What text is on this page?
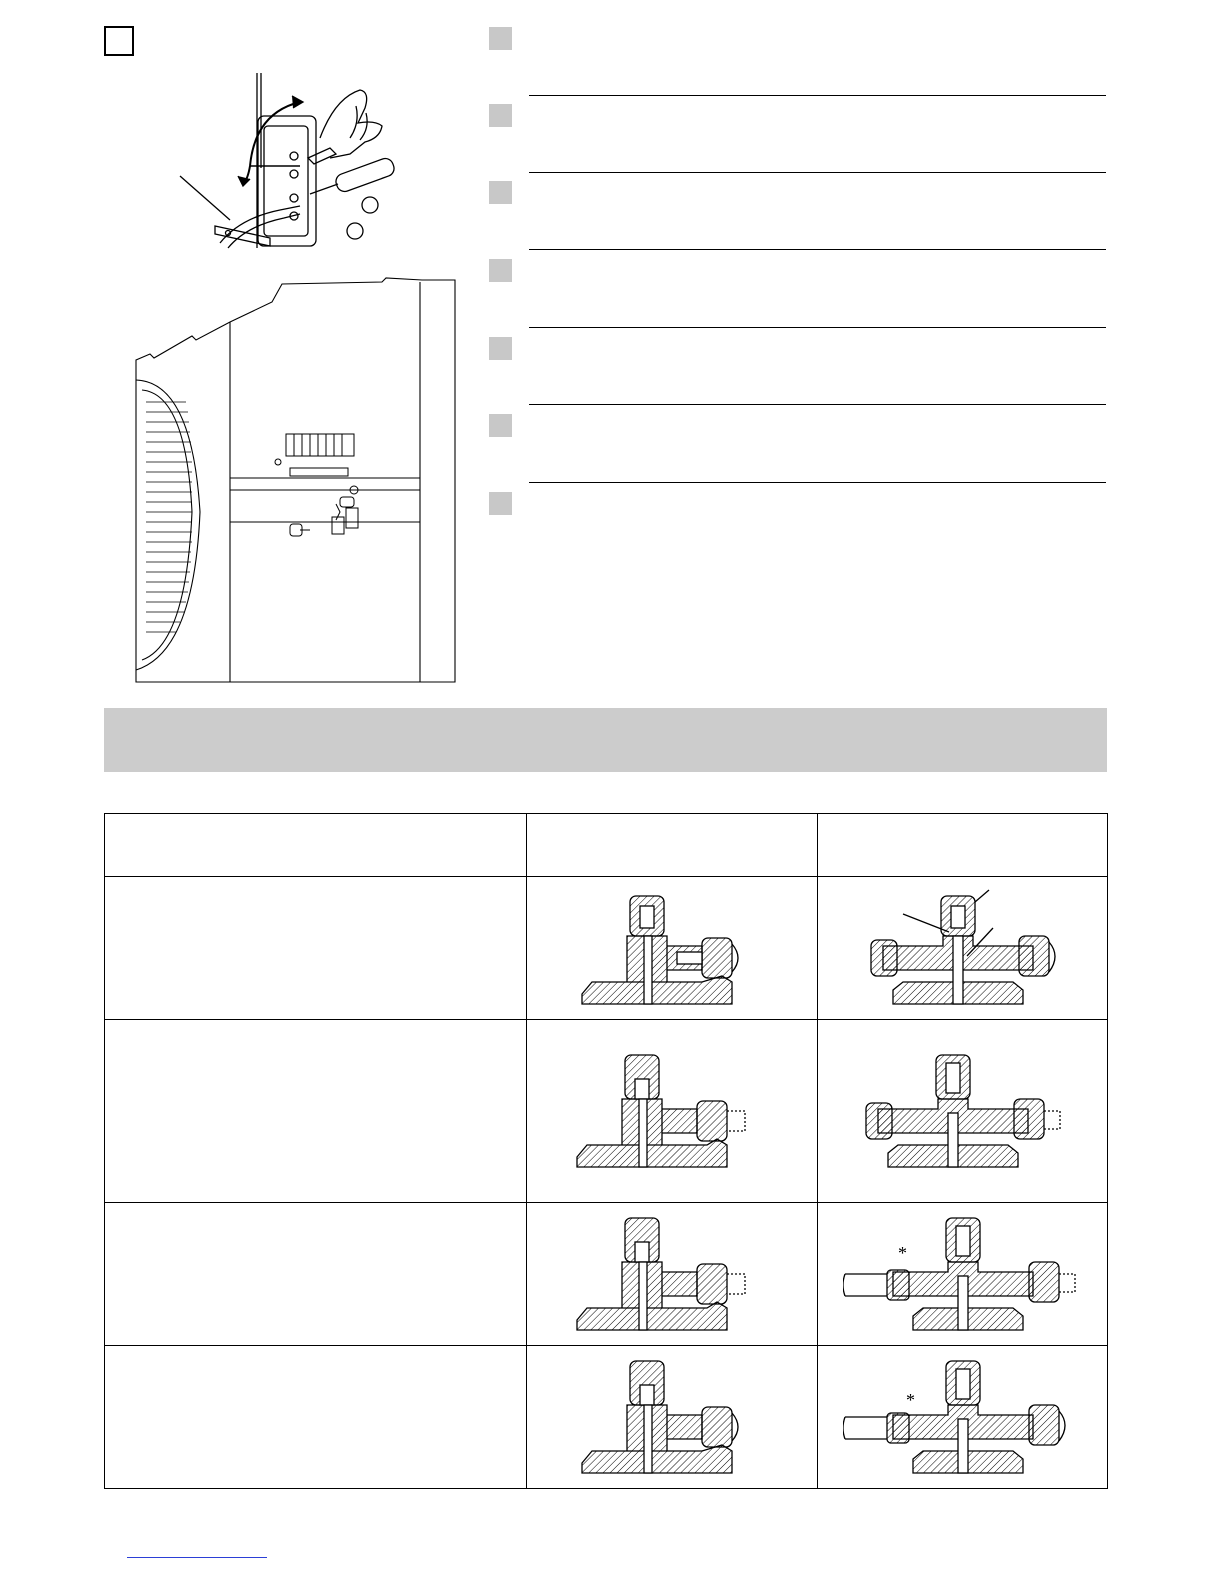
*

*
